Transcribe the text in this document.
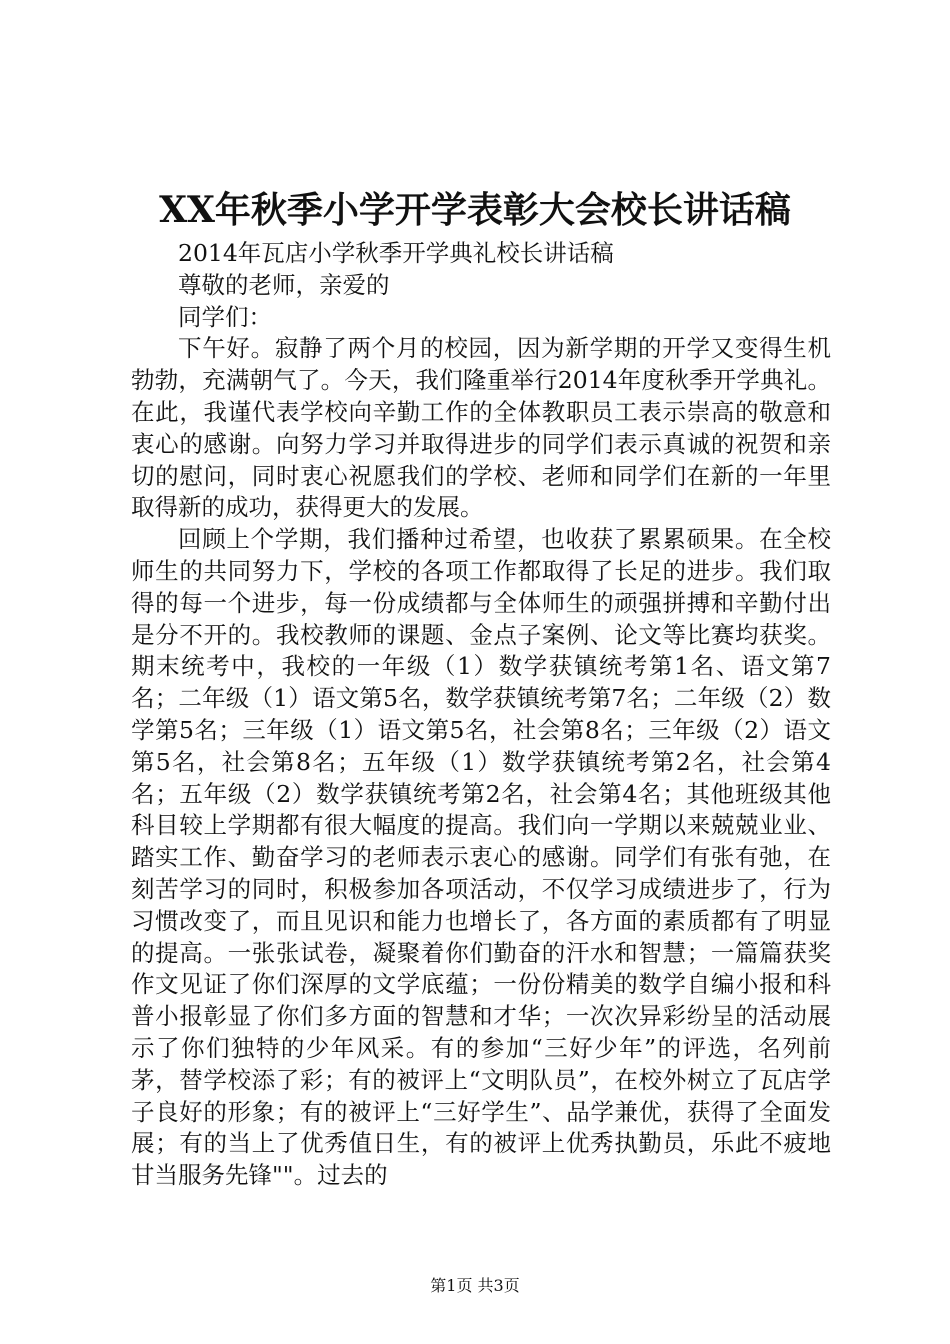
XX年秋季小学开学表彰大会校长讲话稿

2014年瓦店小学秋季开学典礼校长讲话稿

尊敬的老师，亲爱的

同学们：

下午好。寂静了两个月的校园，因为新学期的开学又变得生机勃勃，充满朝气了。今天，我们隆重举行2014年度秋季开学典礼。在此，我谨代表学校向辛勤工作的全体教职员工表示崇高的敬意和衷心的感谢。向努力学习并取得进步的同学们表示真诚的祝贺和亲切的慰问，同时衷心祝愿我们的学校、老师和同学们在新的一年里取得新的成功，获得更大的发展。

回顾上个学期，我们播种过希望，也收获了累累硕果。在全校师生的共同努力下，学校的各项工作都取得了长足的进步。我们取得的每一个进步，每一份成绩都与全体师生的顽强拼搏和辛勤付出是分不开的。我校教师的课题、金点子案例、论文等比赛均获奖。期末统考中，我校的一年级（1）数学获镇统考第1名、语文第7名；二年级（1）语文第5名，数学获镇统考第7名；二年级（2）数学第5名；三年级（1）语文第5名，社会第8名；三年级（2）语文第5名，社会第8名；五年级（1）数学获镇统考第2名，社会第4名；五年级（2）数学获镇统考第2名，社会第4名；其他班级其他科目较上学期都有很大幅度的提高。我们向一学期以来兢兢业业、踏实工作、勤奋学习的老师表示衷心的感谢。同学们有张有弛，在刻苦学习的同时，积极参加各项活动，不仅学习成绩进步了，行为习惯改变了，而且见识和能力也增长了，各方面的素质都有了明显的提高。一张张试卷，凝聚着你们勤奋的汗水和智慧；一篇篇获奖作文见证了你们深厚的文学底蕴；一份份精美的数学自编小报和科普小报彰显了你们多方面的智慧和才华；一次次异彩纷呈的活动展示了你们独特的少年风采。有的参加“三好少年”的评选，名列前茅，替学校添了彩；有的被评上“文明队员”，在校外树立了瓦店学子良好的形象；有的被评上“三好学生”、品学兼优，获得了全面发展；有的当上了优秀值日生，有的被评上优秀执勤员，乐此不疲地甘当服务先锋""。过去的

第1页 共3页
